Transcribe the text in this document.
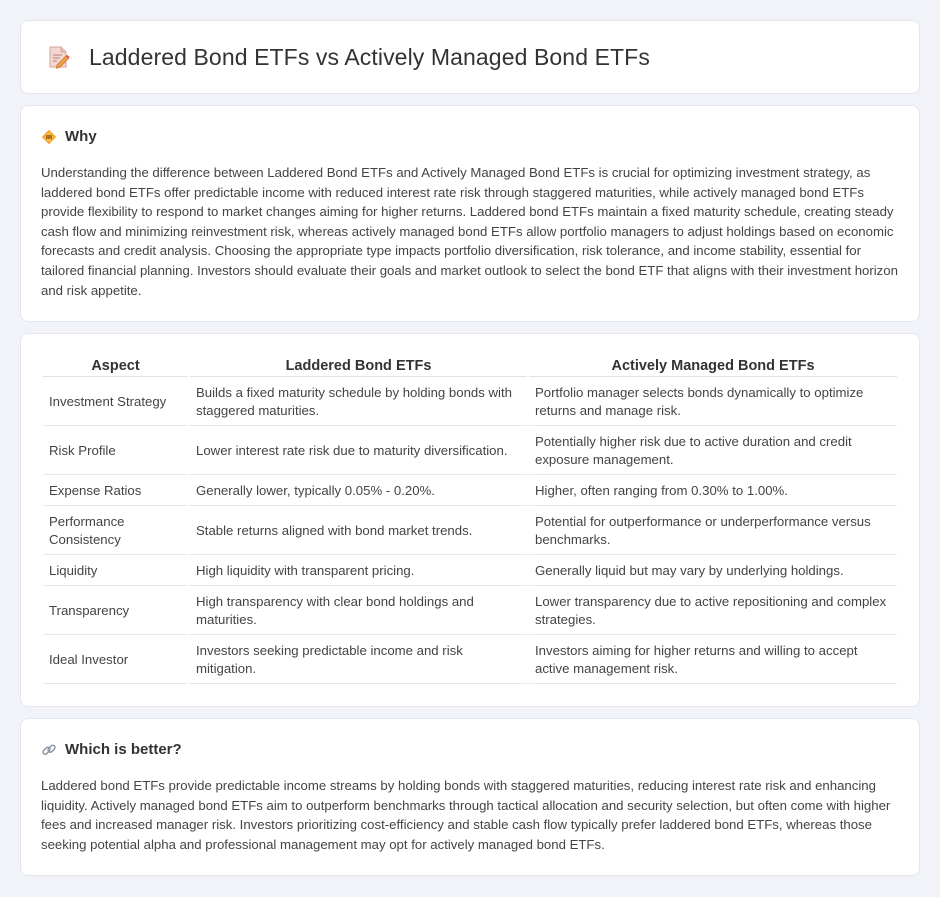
Laddered Bond ETFs vs Actively Managed Bond ETFs
Why

Understanding the difference between Laddered Bond ETFs and Actively Managed Bond ETFs is crucial for optimizing investment strategy, as laddered bond ETFs offer predictable income with reduced interest rate risk through staggered maturities, while actively managed bond ETFs provide flexibility to respond to market changes aiming for higher returns. Laddered bond ETFs maintain a fixed maturity schedule, creating steady cash flow and minimizing reinvestment risk, whereas actively managed bond ETFs allow portfolio managers to adjust holdings based on economic forecasts and credit analysis. Choosing the appropriate type impacts portfolio diversification, risk tolerance, and income stability, essential for tailored financial planning. Investors should evaluate their goals and market outlook to select the bond ETF that aligns with their investment horizon and risk appetite.

Aspect	Laddered Bond ETFs	Actively Managed Bond ETFs
Investment Strategy	Builds a fixed maturity schedule by holding bonds with staggered maturities.	Portfolio manager selects bonds dynamically to optimize returns and manage risk.
Risk Profile	Lower interest rate risk due to maturity diversification.	Potentially higher risk due to active duration and credit exposure management.
Expense Ratios	Generally lower, typically 0.05% - 0.20%.	Higher, often ranging from 0.30% to 1.00%.
Performance Consistency	Stable returns aligned with bond market trends.	Potential for outperformance or underperformance versus benchmarks.
Liquidity	High liquidity with transparent pricing.	Generally liquid but may vary by underlying holdings.
Transparency	High transparency with clear bond holdings and maturities.	Lower transparency due to active repositioning and complex strategies.
Ideal Investor	Investors seeking predictable income and risk mitigation.	Investors aiming for higher returns and willing to accept active management risk.
Which is better?

Laddered bond ETFs provide predictable income streams by holding bonds with staggered maturities, reducing interest rate risk and enhancing liquidity. Actively managed bond ETFs aim to outperform benchmarks through tactical allocation and security selection, but often come with higher fees and increased manager risk. Investors prioritizing cost-efficiency and stable cash flow typically prefer laddered bond ETFs, whereas those seeking potential alpha and professional management may opt for actively managed bond ETFs.
